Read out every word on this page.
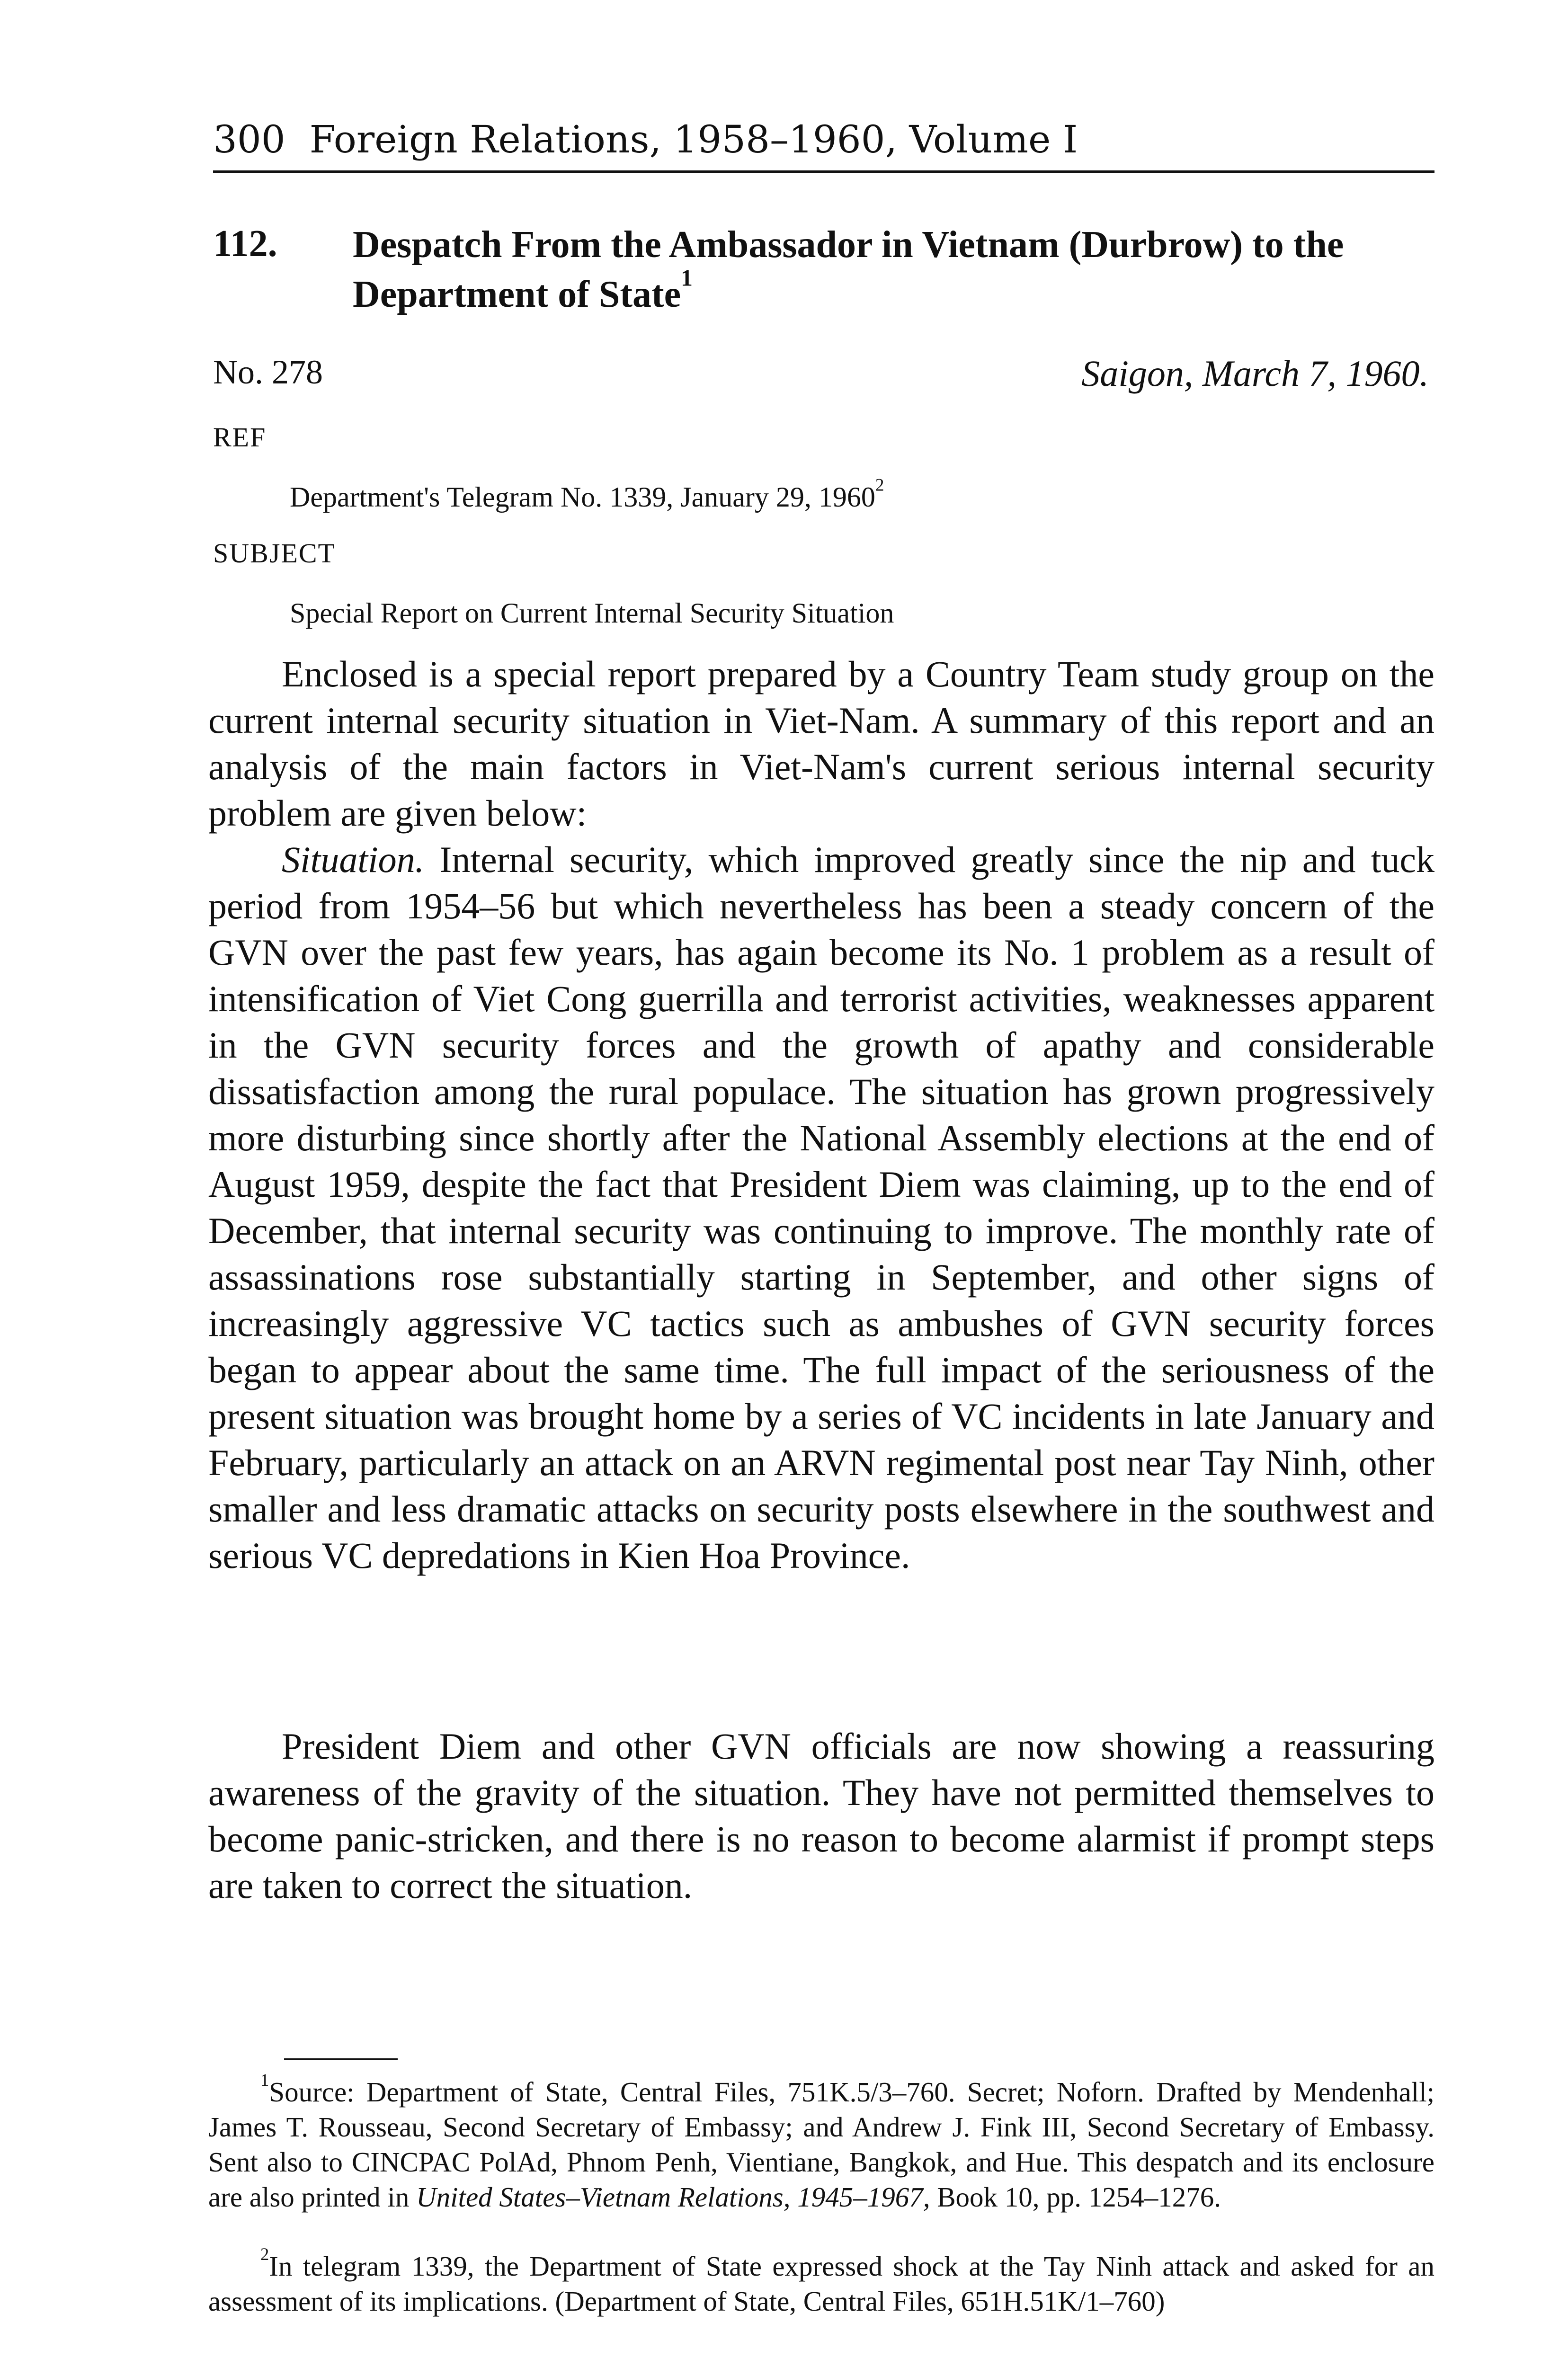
300 Foreign Relations, 1958–1960, Volume I
112. Despatch From the Ambassador in Vietnam (Durbrow) to the Department of State$^1$
No. 278	Saigon, March 7, 1960.
REF
Department's Telegram No. 1339, January 29, 1960$^2$
SUBJECT
Special Report on Current Internal Security Situation

Enclosed is a special report prepared by a Country Team study group on the current internal security situation in Viet-Nam. A summary of this report and an analysis of the main factors in Viet-Nam's current serious internal security problem are given below:

Situation. Internal security, which improved greatly since the nip and tuck period from 1954–56 but which nevertheless has been a steady concern of the GVN over the past few years, has again become its No. 1 problem as a result of intensification of Viet Cong guerrilla and terrorist activities, weaknesses apparent in the GVN security forces and the growth of apathy and considerable dissatisfaction among the rural populace. The situation has grown progressively more disturbing since shortly after the National Assembly elections at the end of August 1959, despite the fact that President Diem was claiming, up to the end of December, that internal security was continuing to improve. The monthly rate of assassinations rose substantially starting in September, and other signs of increasingly aggressive VC tactics such as ambushes of GVN security forces began to appear about the same time. The full impact of the seriousness of the present situation was brought home by a series of VC incidents in late January and February, particularly an attack on an ARVN regimental post near Tay Ninh, other smaller and less dramatic attacks on security posts elsewhere in the southwest and serious VC depredations in Kien Hoa Province.

President Diem and other GVN officials are now showing a reassuring awareness of the gravity of the situation. They have not permitted themselves to become panic-stricken, and there is no reason to become alarmist if prompt steps are taken to correct the situation.

$^1$Source: Department of State, Central Files, 751K.5/3–760. Secret; Noforn. Drafted by Mendenhall; James T. Rousseau, Second Secretary of Embassy; and Andrew J. Fink III, Second Secretary of Embassy. Sent also to CINCPAC PolAd, Phnom Penh, Vientiane, Bangkok, and Hue. This despatch and its enclosure are also printed in United States–Vietnam Relations, 1945–1967, Book 10, pp. 1254–1276.

$^2$In telegram 1339, the Department of State expressed shock at the Tay Ninh attack and asked for an assessment of its implications. (Department of State, Central Files, 651H.51K/1–760)
